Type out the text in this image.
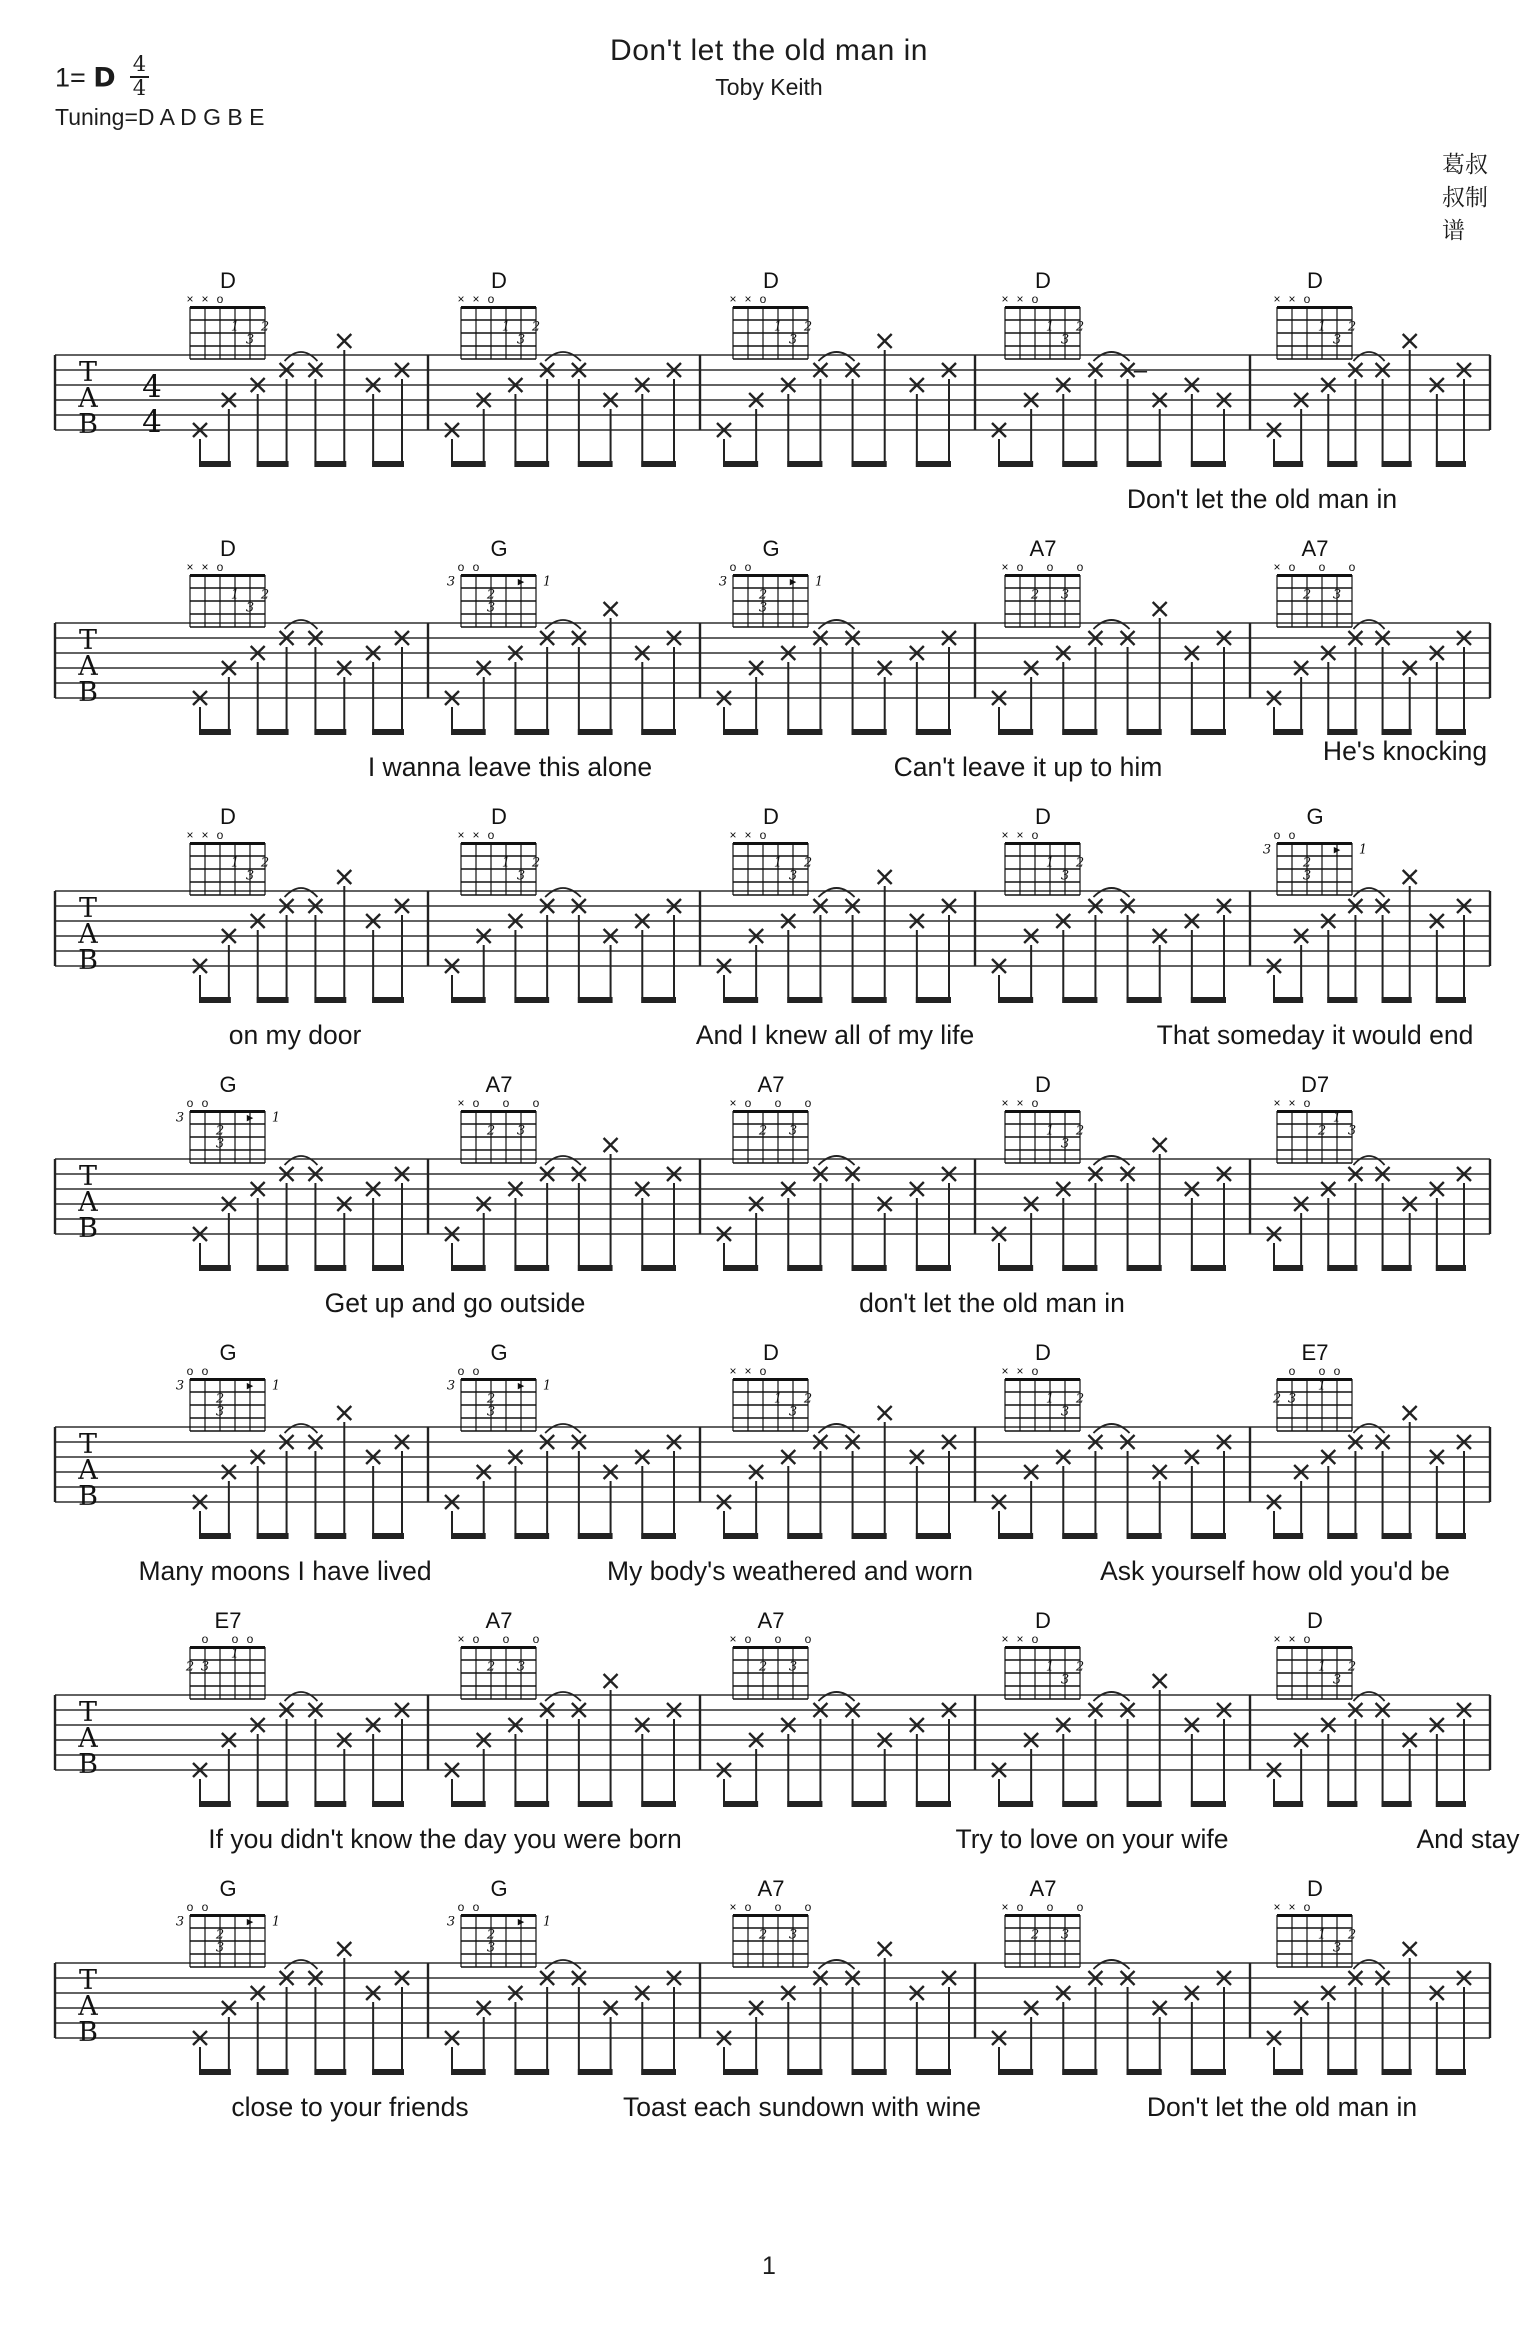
Don't let the old man in
Toby Keith
1= D $\frac{4}{4}$
Tuning=D A D G B E
葛叔叔制谱
T
A
B
4
4
–
D
× × o
1 2
3
D
× × o
1 2
3
D
× × o
1 2
3
D
× × o
1 2
3
D
× × o
1 2
3
Don't let the old man in
T
A
B
D
× × o
1 2
3
G
o o
3	▸ 1
2
3
G
o o
3	▸ 1
2
3
A7
× o o o
2 3
A7
× o o o
2 3
I wanna leave this alone	Can't leave it up to him
He's knocking
T
A
B
D
× × o
1 2
3
D
× × o
1 2
3
D
× × o
1 2
3
D
× × o
1 2
3
G
o o
3	▸ 1
2
3
on my door	And I knew all of my life	That someday it would end
T
A
B
G
o o
3	▸ 1
2
3
A7
× o o o
2 3
A7
× o o o
2 3
D
× × o
1 2
3
D7
× × o
1
2 3
Get up and go outside	don't let the old man in
T
A
B
G
o o
3	▸ 1
2
3
G
o o
3	▸ 1
2
3
D
× × o
1 2
3
D
× × o
1 2
3
E7
o o o
1
2 3
Many moons I have lived	My body's weathered and worn	Ask yourself how old you'd be
T
A
B
E7
o o o
1
2 3
A7
× o o o
2 3
A7
× o o o
2 3
D
× × o
1 2
3
D
× × o
1 2
3
If you didn't know the day you were born	Try to love on your wife	And stay
T
A
B
G
o o
3	▸ 1
2
3
G
o o
3	▸ 1
2
3
A7
× o o o
2 3
A7
× o o o
2 3
D
× × o
1 2
3
close to your friends	Toast each sundown with wine	Don't let the old man in
1
